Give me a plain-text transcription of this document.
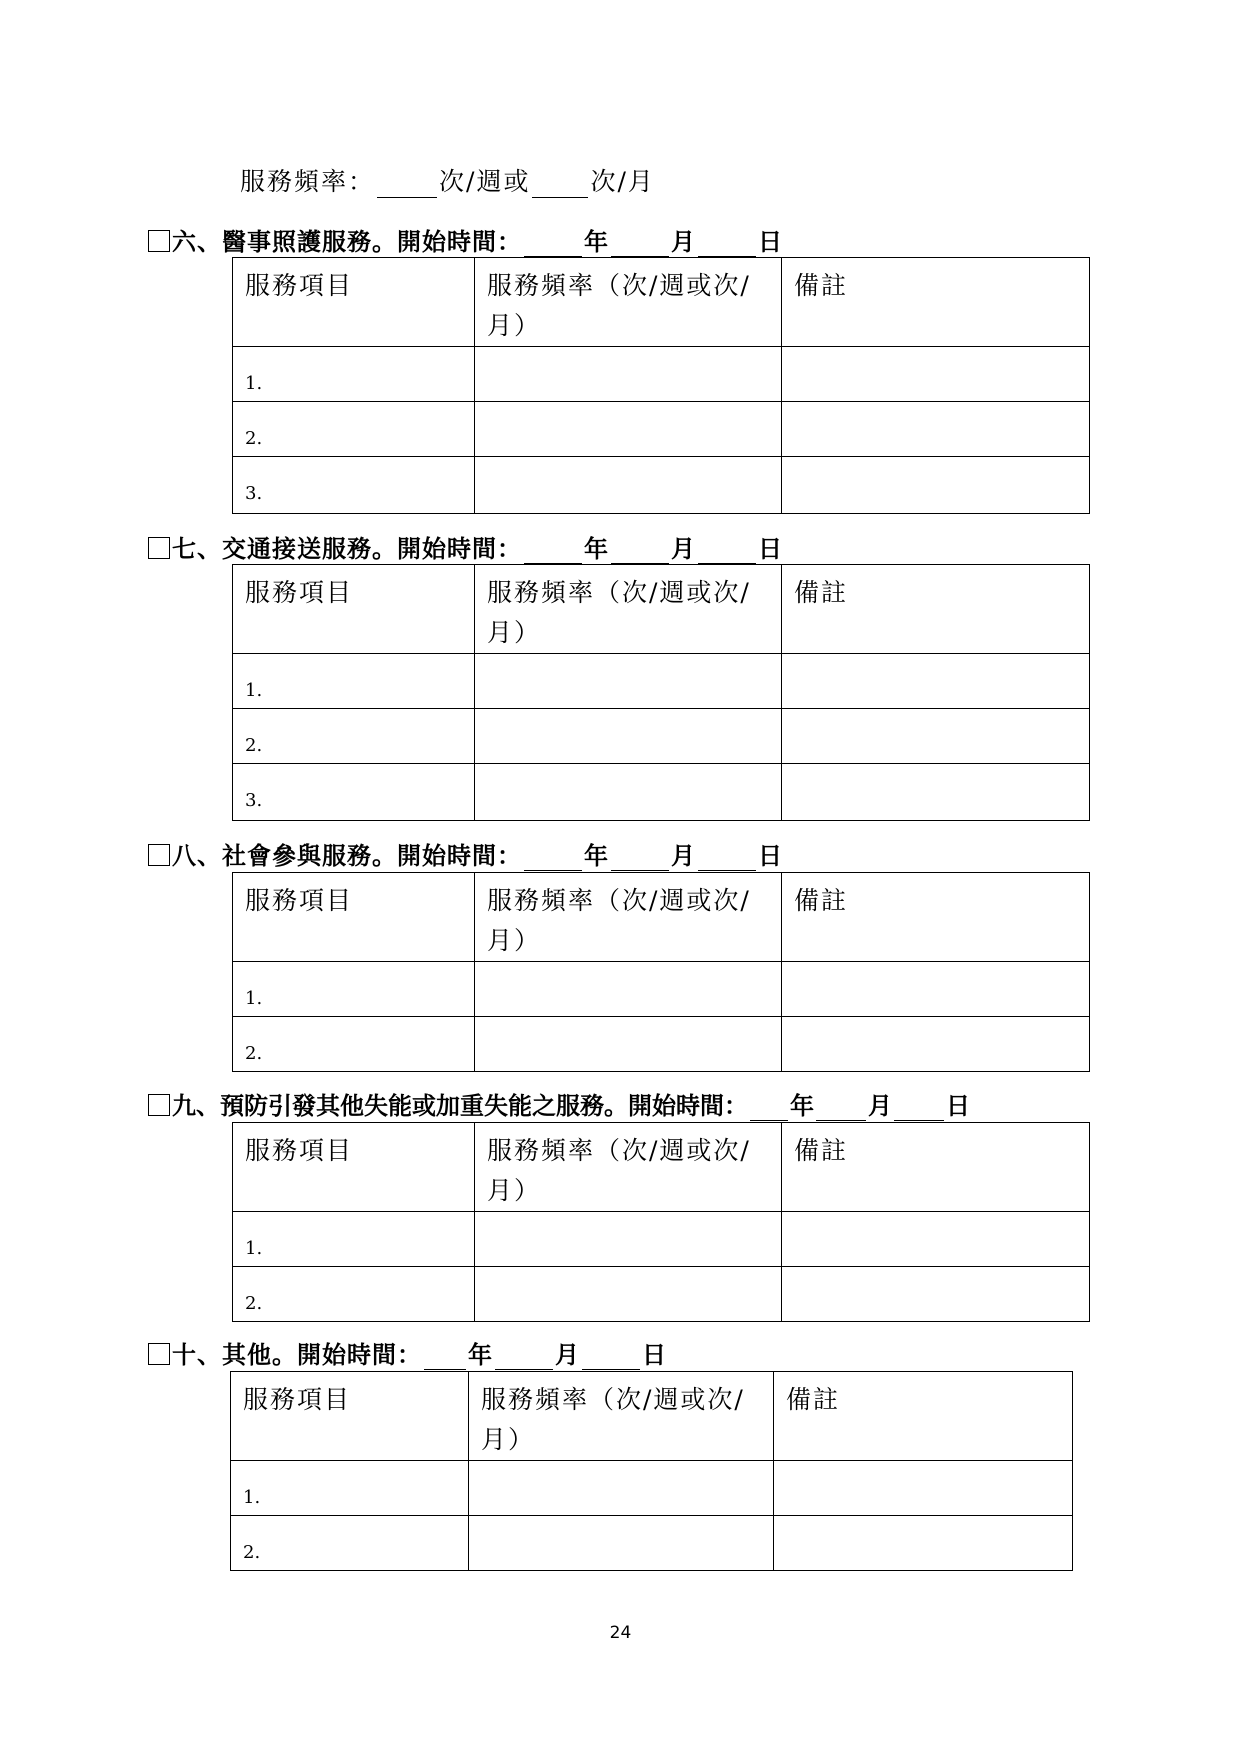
服務頻率：	次/週或 次/月
六、醫事照護服務。開始時間：	年	月	日
服務項目	服務頻率（次/週或次/月）	備註
1.		
2.		
3.		
七、交通接送服務。開始時間：	年	月	日
服務項目	服務頻率（次/週或次/月）	備註
1.		
2.		
3.		
八、社會參與服務。開始時間：	年	月	日
服務項目	服務頻率（次/週或次/月）	備註
1.		
2.		
九、預防引發其他失能或加重失能之服務。開始時間： 年 月 日
服務項目	服務頻率（次/週或次/月）	備註
1.		
2.		
十、其他。開始時間： 年	月	日
服務項目	服務頻率（次/週或次/月）	備註
1.		
2.		
24
